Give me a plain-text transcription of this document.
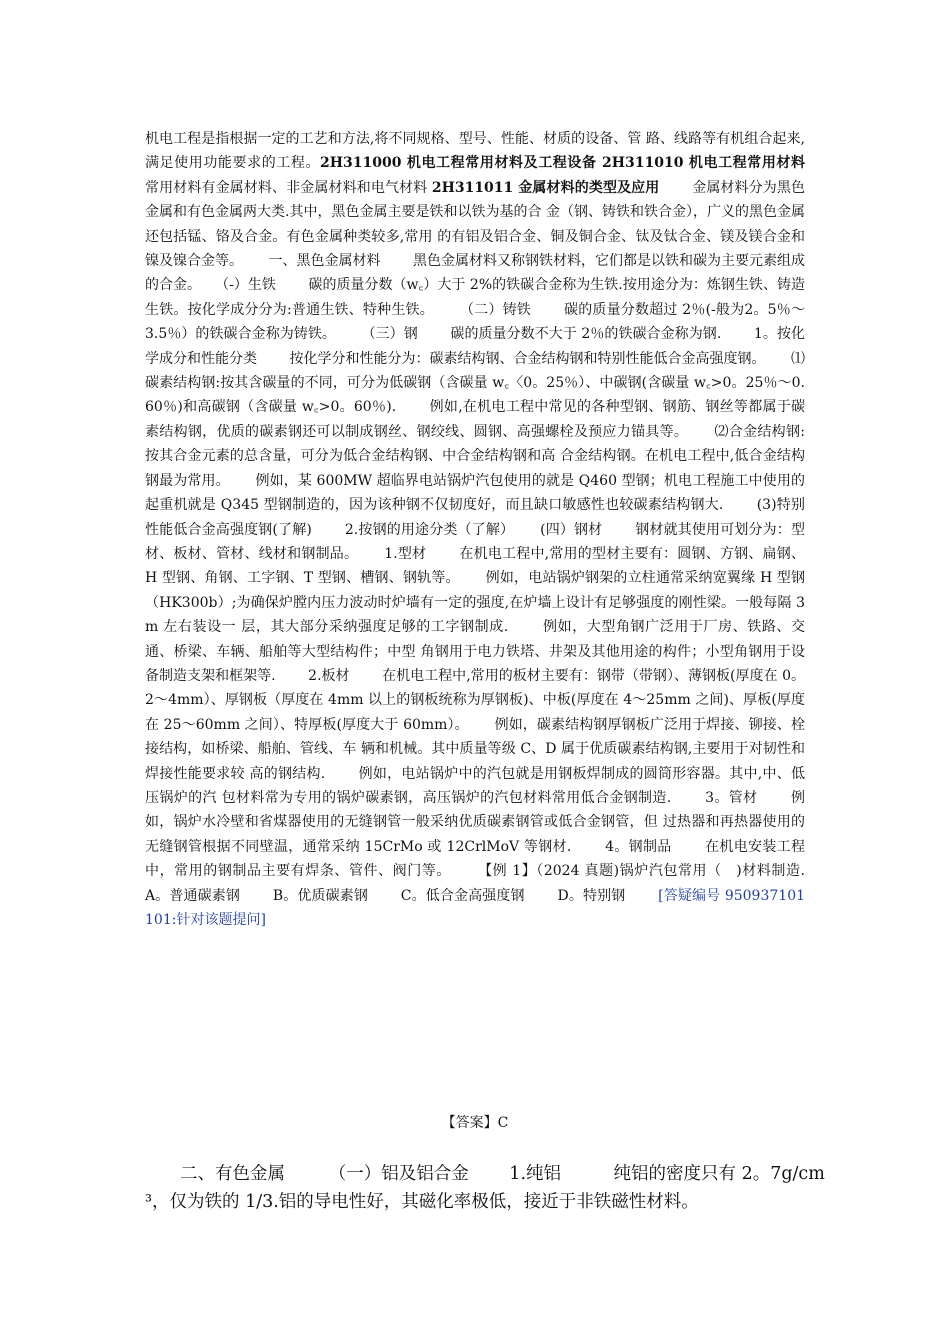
机电工程是指根据一定的工艺和方法,将不同规格、型号、性能、材质的设备、管 路、线路等有机组合起来,满足使用功能要求的工程。2H311000 机电工程常用材料及工程设备 2H311010 机电工程常用材料　　 常用材料有金属材料、非金属材料和电气材料 2H311011 金属材料的类型及应用　　 金属材料分为黑色金属和有色金属两大类.其中，黑色金属主要是铁和以铁为基的合 金（钢、铸铁和铁合金），广义的黑色金属还包括锰、铬及合金。有色金属种类较多,常用 的有铝及铝合金、铜及铜合金、钛及钛合金、镁及镁合金和镍及镍合金等。　　 一、黑色金属材料　　 黑色金属材料又称钢铁材料，它们都是以铁和碳为主要元素组成的合金。　　（-）生铁　　 碳的质量分数（w꜀）大于 2%的铁碳合金称为生铁.按用途分为：炼钢生铁、铸造生铁。按化学成分分为:普通生铁、特种生铁。　　 （二）铸铁　　 碳的质量分数超过 2％(-般为2。5％～3.5％）的铁碳合金称为铸铁。　　 （三）钢　　 碳的质量分数不大于 2％的铁碳合金称为钢.　　 1。按化学成分和性能分类　　 按化学分和性能分为：碳素结构钢、合金结构钢和特别性能低合金高强度钢。　　 ⑴碳素结构钢:按其含碳量的不同，可分为低碳钢（含碳量 w꜀〈0。25％）、中碳钢(含碳量 w꜀>0。25％～0.60％)和高碳钢（含碳量 w꜀>0。60％).　　 例如,在机电工程中常见的各种型钢、钢筋、钢丝等都属于碳素结构钢，优质的碳素钢还可以制成钢丝、钢绞线、圆钢、高强螺栓及预应力锚具等。　　 ⑵合金结构钢:按其合金元素的总含量，可分为低合金结构钢、中合金结构钢和高 合金结构钢。在机电工程中,低合金结构钢最为常用。　　 例如，某 600MW 超临界电站锅炉汽包使用的就是 Q460 型钢；机电工程施工中使用的起重机就是 Q345 型钢制造的，因为该种钢不仅韧度好，而且缺口敏感性也较碳素结构钢大.　　 (3)特别性能低合金高强度钢(了解)　　 2.按钢的用途分类（了解）　　 (四）钢材　　 钢材就其使用可划分为：型材、板材、管材、线材和钢制品。　　 1.型材　　 在机电工程中,常用的型材主要有：圆钢、方钢、扁钢、H 型钢、角钢、工字钢、T 型钢、槽钢、钢轨等。　　 例如，电站锅炉钢架的立柱通常采纳宽翼缘 H 型钢（HK300b）;为确保炉膛内压力波动时炉墙有一定的强度,在炉墙上设计有足够强度的刚性梁。一般每隔 3m 左右装设一 层，其大部分采纳强度足够的工字钢制成.　　 例如，大型角钢广泛用于厂房、铁路、交通、桥梁、车辆、船舶等大型结构件；中型 角钢用于电力铁塔、井架及其他用途的构件；小型角钢用于设备制造支架和框架等.　　 2.板材　　 在机电工程中,常用的板材主要有：钢带（带钢）、薄钢板(厚度在 0。2～4mm）、厚钢板（厚度在 4mm 以上的钢板统称为厚钢板)、中板(厚度在 4～25mm 之间)、厚板(厚度在 25～60mm 之间）、特厚板(厚度大于 60mm）。　　 例如，碳素结构钢厚钢板广泛用于焊接、铆接、栓接结构，如桥梁、船舶、管线、车 辆和机械。其中质量等级 C、D 属于优质碳素结构钢,主要用于对韧性和焊接性能要求较 高的钢结构.　　 例如，电站锅炉中的汽包就是用钢板焊制成的圆筒形容器。其中,中、低压锅炉的汽 包材料常为专用的锅炉碳素钢，高压锅炉的汽包材料常用低合金钢制造.　　 3。管材　　 例如，锅炉水冷壁和省煤器使用的无缝钢管一般采纳优质碳素钢管或低合金钢管，但 过热器和再热器使用的无缝钢管根据不同壁温，通常采纳 15CrMo 或 12CrlMoV 等钢材.　　 4。钢制品　　 在机电安装工程中，常用的钢制品主要有焊条、管件、阀门等。　　 【例 1】（2024 真题)锅炉汽包常用（　)材料制造.　　 A。普通碳素钢　　 B。优质碳素钢　　 C。低合金高强度钢　　 D。特别钢　　 [答疑编号 950937101101:针对该题提问]
【答案】C
二、有色金属　　　（一）铝及铝合金　　 1.纯铝　　　纯铝的密度只有 2。7g/cm³，仅为铁的 1/3.铝的导电性好，其磁化率极低，接近于非铁磁性材料。
